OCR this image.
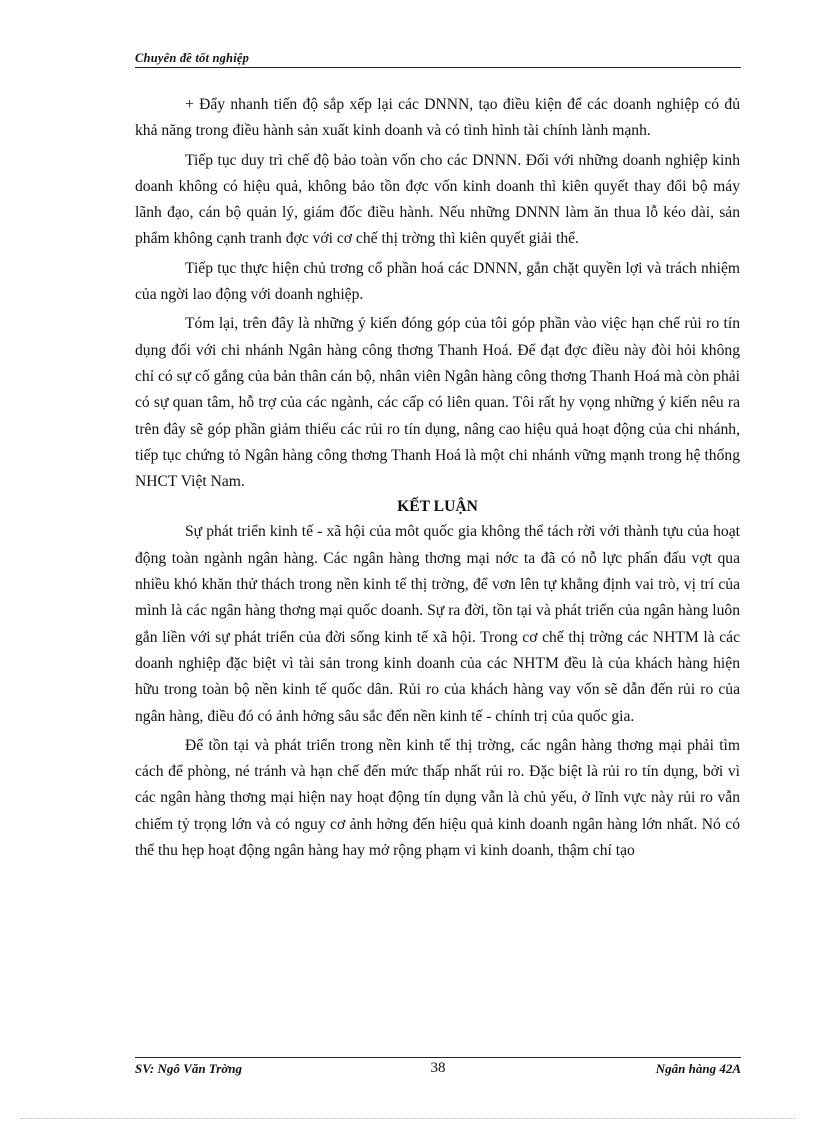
Chuyên đề tốt nghiệp

+ Đẩy nhanh tiến độ sắp xếp lại các DNNN, tạo điều kiện để các doanh nghiệp có đủ khả năng trong điều hành sản xuất kinh doanh và có tình hình tài chính lành mạnh.

Tiếp tục duy trì chế độ bảo toàn vốn cho các DNNN. Đối với những doanh nghiệp kinh doanh không có hiệu quả, không bảo tồn đợc vốn kinh doanh thì kiên quyết thay đổi bộ máy lãnh đạo, cán bộ quản lý, giám đốc điều hành. Nếu những DNNN làm ăn thua lỗ kéo dài, sản phẩm không cạnh tranh đợc với cơ chế thị trờng thì kiên quyết giải thể.

Tiếp tục thực hiện chủ trơng cổ phần hoá các DNNN, gắn chặt quyền lợi và trách nhiệm của ngời lao động với doanh nghiệp.

Tóm lại, trên đây là những ý kiến đóng góp của tôi góp phần vào việc hạn chế rủi ro tín dụng đối với chi nhánh Ngân hàng công thơng Thanh Hoá. Để đạt đợc điều này đòi hỏi không chỉ có sự cố gắng của bản thân cán bộ, nhân viên Ngân hàng công thơng Thanh Hoá mà còn phải có sự quan tâm, hỗ trợ của các ngành, các cấp có liên quan. Tôi rất hy vọng những ý kiến nêu ra trên đây sẽ góp phần giảm thiểu các rủi ro tín dụng, nâng cao hiệu quả hoạt động của chi nhánh, tiếp tục chứng tỏ Ngân hàng công thơng Thanh Hoá là một chi nhánh vững mạnh trong hệ thống NHCT Việt Nam.

KẾT LUẬN

Sự phát triển kinh tế - xã hội của môt quốc gia không thể tách rời với thành tựu của hoạt động toàn ngành ngân hàng. Các ngân hàng thơng mại nớc ta đã có nỗ lực phấn đấu vợt qua nhiều khó khăn thử thách trong nền kinh tế thị trờng, để vơn lên tự khẳng định vai trò, vị trí của mình là các ngân hàng thơng mại quốc doanh. Sự ra đời, tồn tại và phát triển của ngân hàng luôn gắn liền với sự phát triển của đời sống kinh tế xã hội. Trong cơ chế thị trờng các NHTM là các doanh nghiệp đặc biệt vì tài sản trong kinh doanh của các NHTM đều là của khách hàng hiện hữu trong toàn bộ nền kinh tế quốc dân. Rủi ro của khách hàng vay vốn sẽ dẫn đến rủi ro của ngân hàng, điều đó có ảnh hởng sâu sắc đến nền kinh tế - chính trị của quốc gia.

Để tồn tại và phát triển trong nền kinh tế thị trờng, các ngân hàng thơng mại phải tìm cách để phòng, né tránh và hạn chế đến mức thấp nhất rủi ro. Đặc biệt là rủi ro tín dụng, bởi vì các ngân hàng thơng mại hiện nay hoạt động tín dụng vẫn là chủ yếu, ở lĩnh vực này rủi ro vẫn chiếm tỷ trọng lớn và có nguy cơ ảnh hởng đến hiệu quả kinh doanh ngân hàng lớn nhất. Nó có thể thu hẹp hoạt động ngân hàng hay mở rộng phạm vi kinh doanh, thậm chí tạo

SV: Ngô Văn Trờng	38	Ngân hàng 42A
